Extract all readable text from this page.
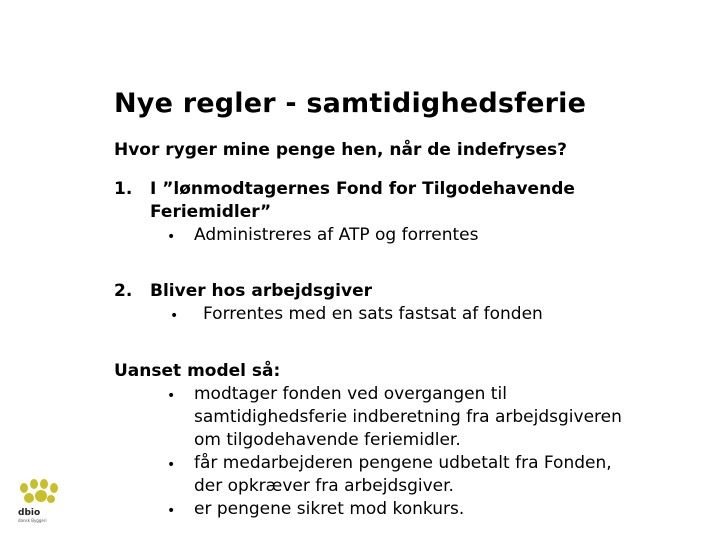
Nye regler - samtidighedsferie
Hvor ryger mine penge hen, når de indefryses?
1. I ”lønmodtagernes Fond for Tilgodehavende
Feriemidler”
• Administreres af ATP og forrentes
2. Bliver hos arbejdsgiver
• Forrentes med en sats fastsat af fonden
Uanset model så:
• modtager fonden ved overgangen til
samtidighedsferie indberetning fra arbejdsgiveren
om tilgodehavende feriemidler.
• får medarbejderen pengene udbetalt fra Fonden,
der opkræver fra arbejdsgiver.
• er pengene sikret mod konkurs.
dbio
dansk Byggeri
